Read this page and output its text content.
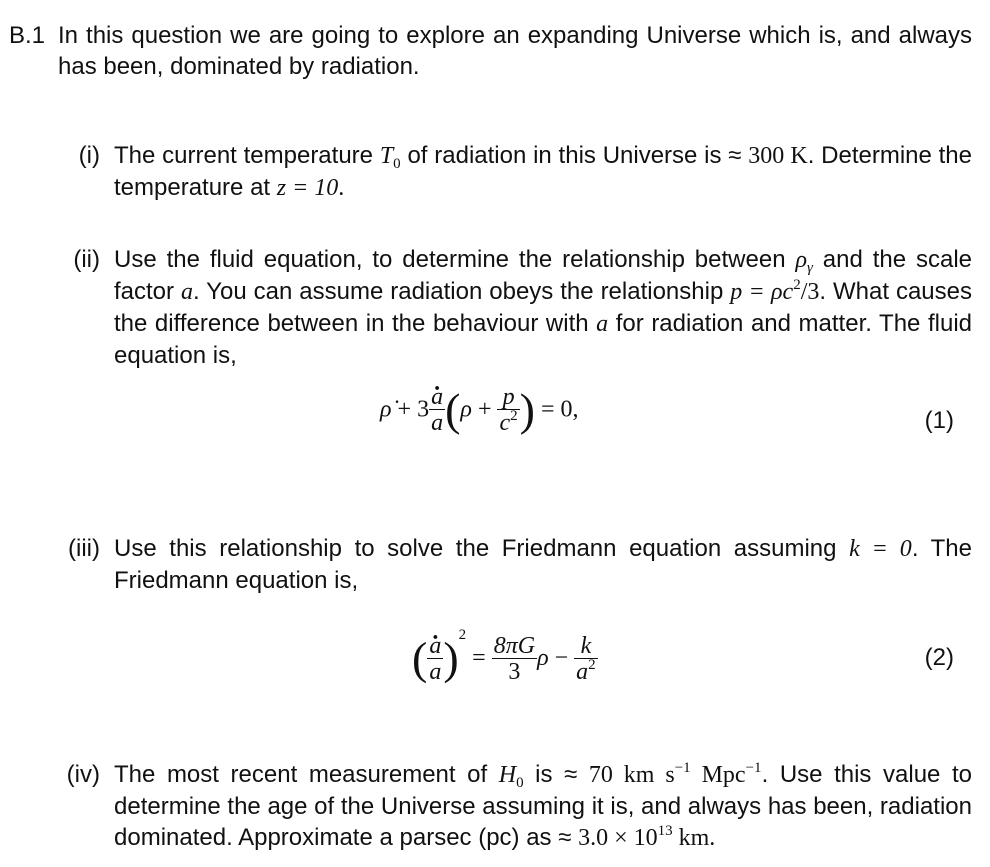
B.1 In this question we are going to explore an expanding Universe which is, and always has been, dominated by radiation.
(i) The current temperature $T_0$ of radiation in this Universe is ≈ 300 K. Determine the temperature at z = 10.
(ii) Use the fluid equation, to determine the relationship between $\rho_\gamma$ and the scale factor a. You can assume radiation obeys the relationship $p = \rho c^2/3$. What causes the difference between in the behaviour with a for radiation and matter. The fluid equation is,
ρ̇ + 3 . $\frac{a}{a} (\rho + \frac{p}{c^2}$ ) = 0,	(1)
(iii) Use this relationship to solve the Friedmann equation assuming k = 0. The Friedmann equation is,
( . $\frac{a}{a} )^2 = \frac{8\pi G}{3}$ $\rho - \frac{k}{a^2}$	(2)
(iv) The most recent measurement of $H_0$ is ≈ 70 km $s^{-1}$ Mpc$^{-1}$. Use this value to determine the age of the Universe assuming it is, and always has been, radiation dominated. Approximate a parsec (pc) as ≈ $3.0 \times 10^{13}$ km.
